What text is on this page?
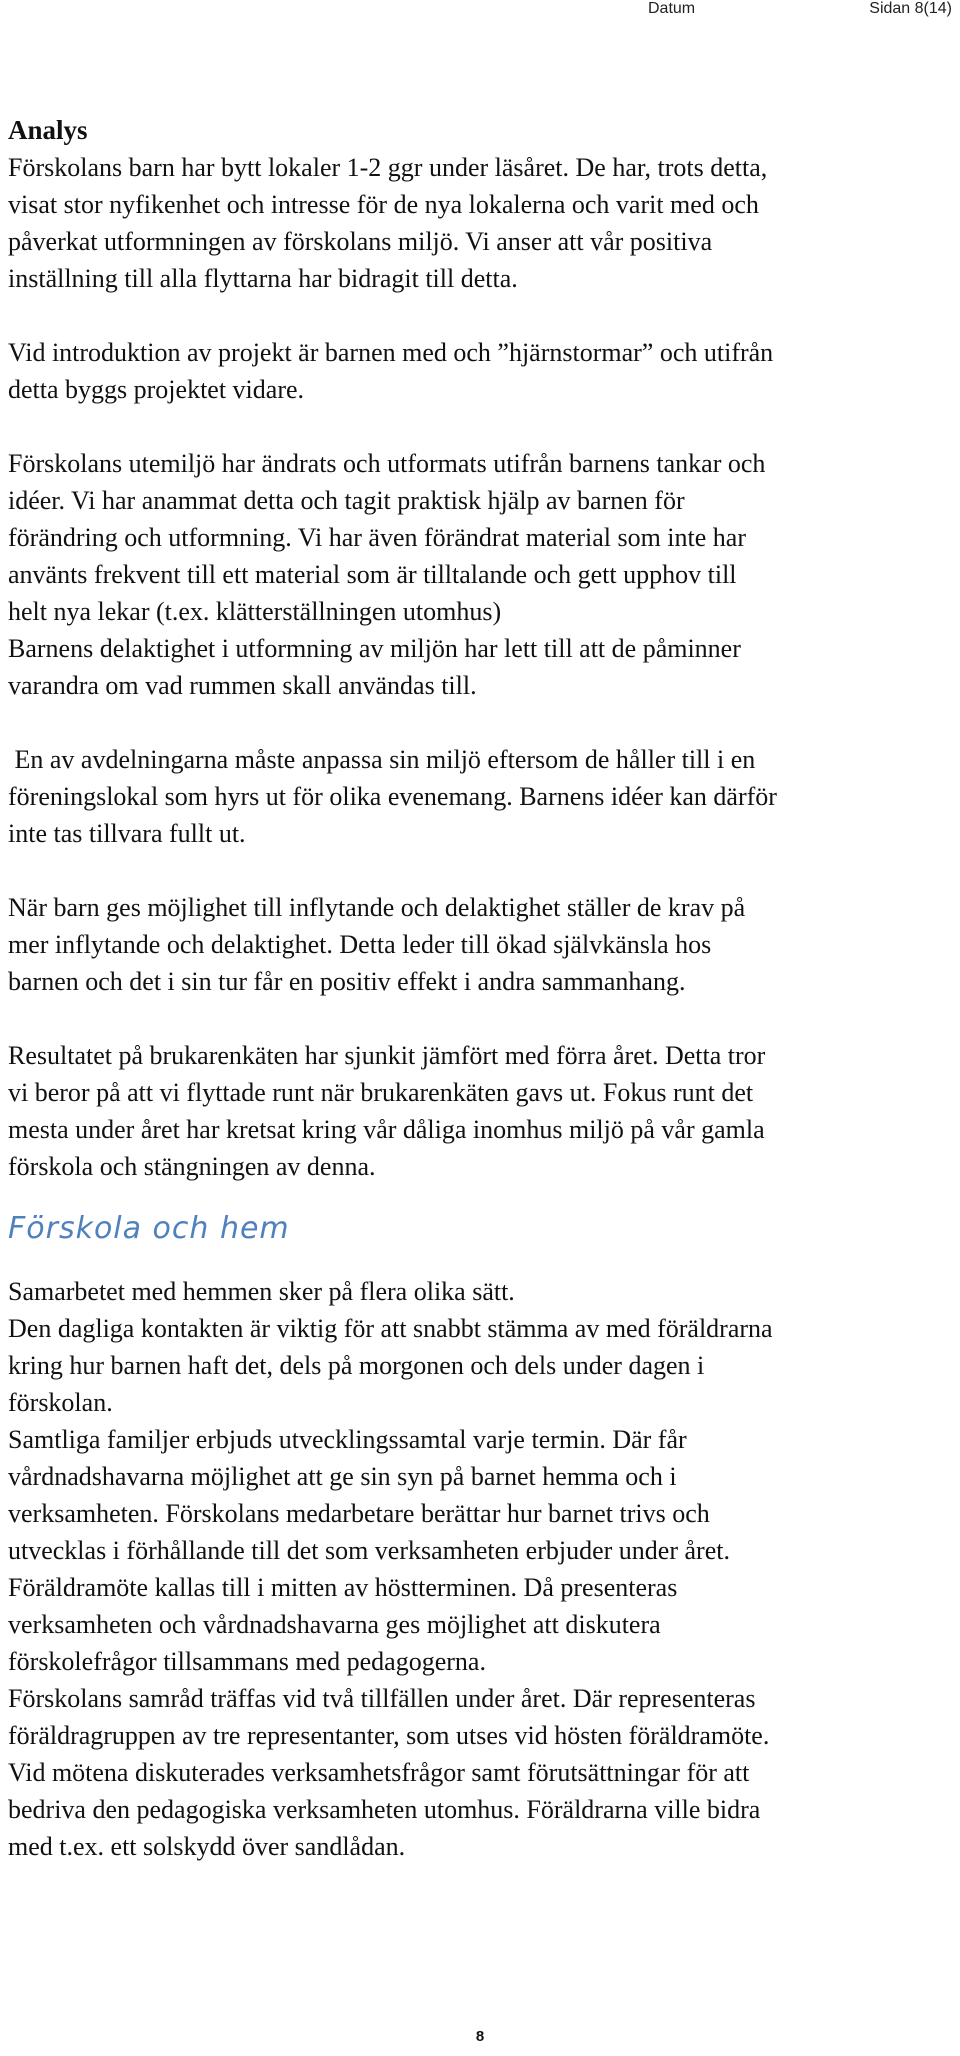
Datum	Sidan 8(14)
Analys

Förskolans barn har bytt lokaler 1-2 ggr under läsåret. De har, trots detta,
visat stor nyfikenhet och intresse för de nya lokalerna och varit med och
påverkat utformningen av förskolans miljö. Vi anser att vår positiva
inställning till alla flyttarna har bidragit till detta.

Vid introduktion av projekt är barnen med och ”hjärnstormar” och utifrån
detta byggs projektet vidare.

Förskolans utemiljö har ändrats och utformats utifrån barnens tankar och
idéer. Vi har anammat detta och tagit praktisk hjälp av barnen för
förändring och utformning. Vi har även förändrat material som inte har
använts frekvent till ett material som är tilltalande och gett upphov till
helt nya lekar (t.ex. klätterställningen utomhus)
Barnens delaktighet i utformning av miljön har lett till att de påminner
varandra om vad rummen skall användas till.

En av avdelningarna måste anpassa sin miljö eftersom de håller till i en
föreningslokal som hyrs ut för olika evenemang. Barnens idéer kan därför
inte tas tillvara fullt ut.

När barn ges möjlighet till inflytande och delaktighet ställer de krav på
mer inflytande och delaktighet. Detta leder till ökad självkänsla hos
barnen och det i sin tur får en positiv effekt i andra sammanhang.

Resultatet på brukarenkäten har sjunkit jämfört med förra året. Detta tror
vi beror på att vi flyttade runt när brukarenkäten gavs ut. Fokus runt det
mesta under året har kretsat kring vår dåliga inomhus miljö på vår gamla
förskola och stängningen av denna.

Förskola och hem

Samarbetet med hemmen sker på flera olika sätt.
Den dagliga kontakten är viktig för att snabbt stämma av med föräldrarna
kring hur barnen haft det, dels på morgonen och dels under dagen i
förskolan.
Samtliga familjer erbjuds utvecklingssamtal varje termin. Där får
vårdnadshavarna möjlighet att ge sin syn på barnet hemma och i
verksamheten. Förskolans medarbetare berättar hur barnet trivs och
utvecklas i förhållande till det som verksamheten erbjuder under året.
Föräldramöte kallas till i mitten av höstterminen. Då presenteras
verksamheten och vårdnadshavarna ges möjlighet att diskutera
förskolefrågor tillsammans med pedagogerna.
Förskolans samråd träffas vid två tillfällen under året. Där representeras
föräldragruppen av tre representanter, som utses vid hösten föräldramöte.
Vid mötena diskuterades verksamhetsfrågor samt förutsättningar för att
bedriva den pedagogiska verksamheten utomhus. Föräldrarna ville bidra
med t.ex. ett solskydd över sandlådan.

8
